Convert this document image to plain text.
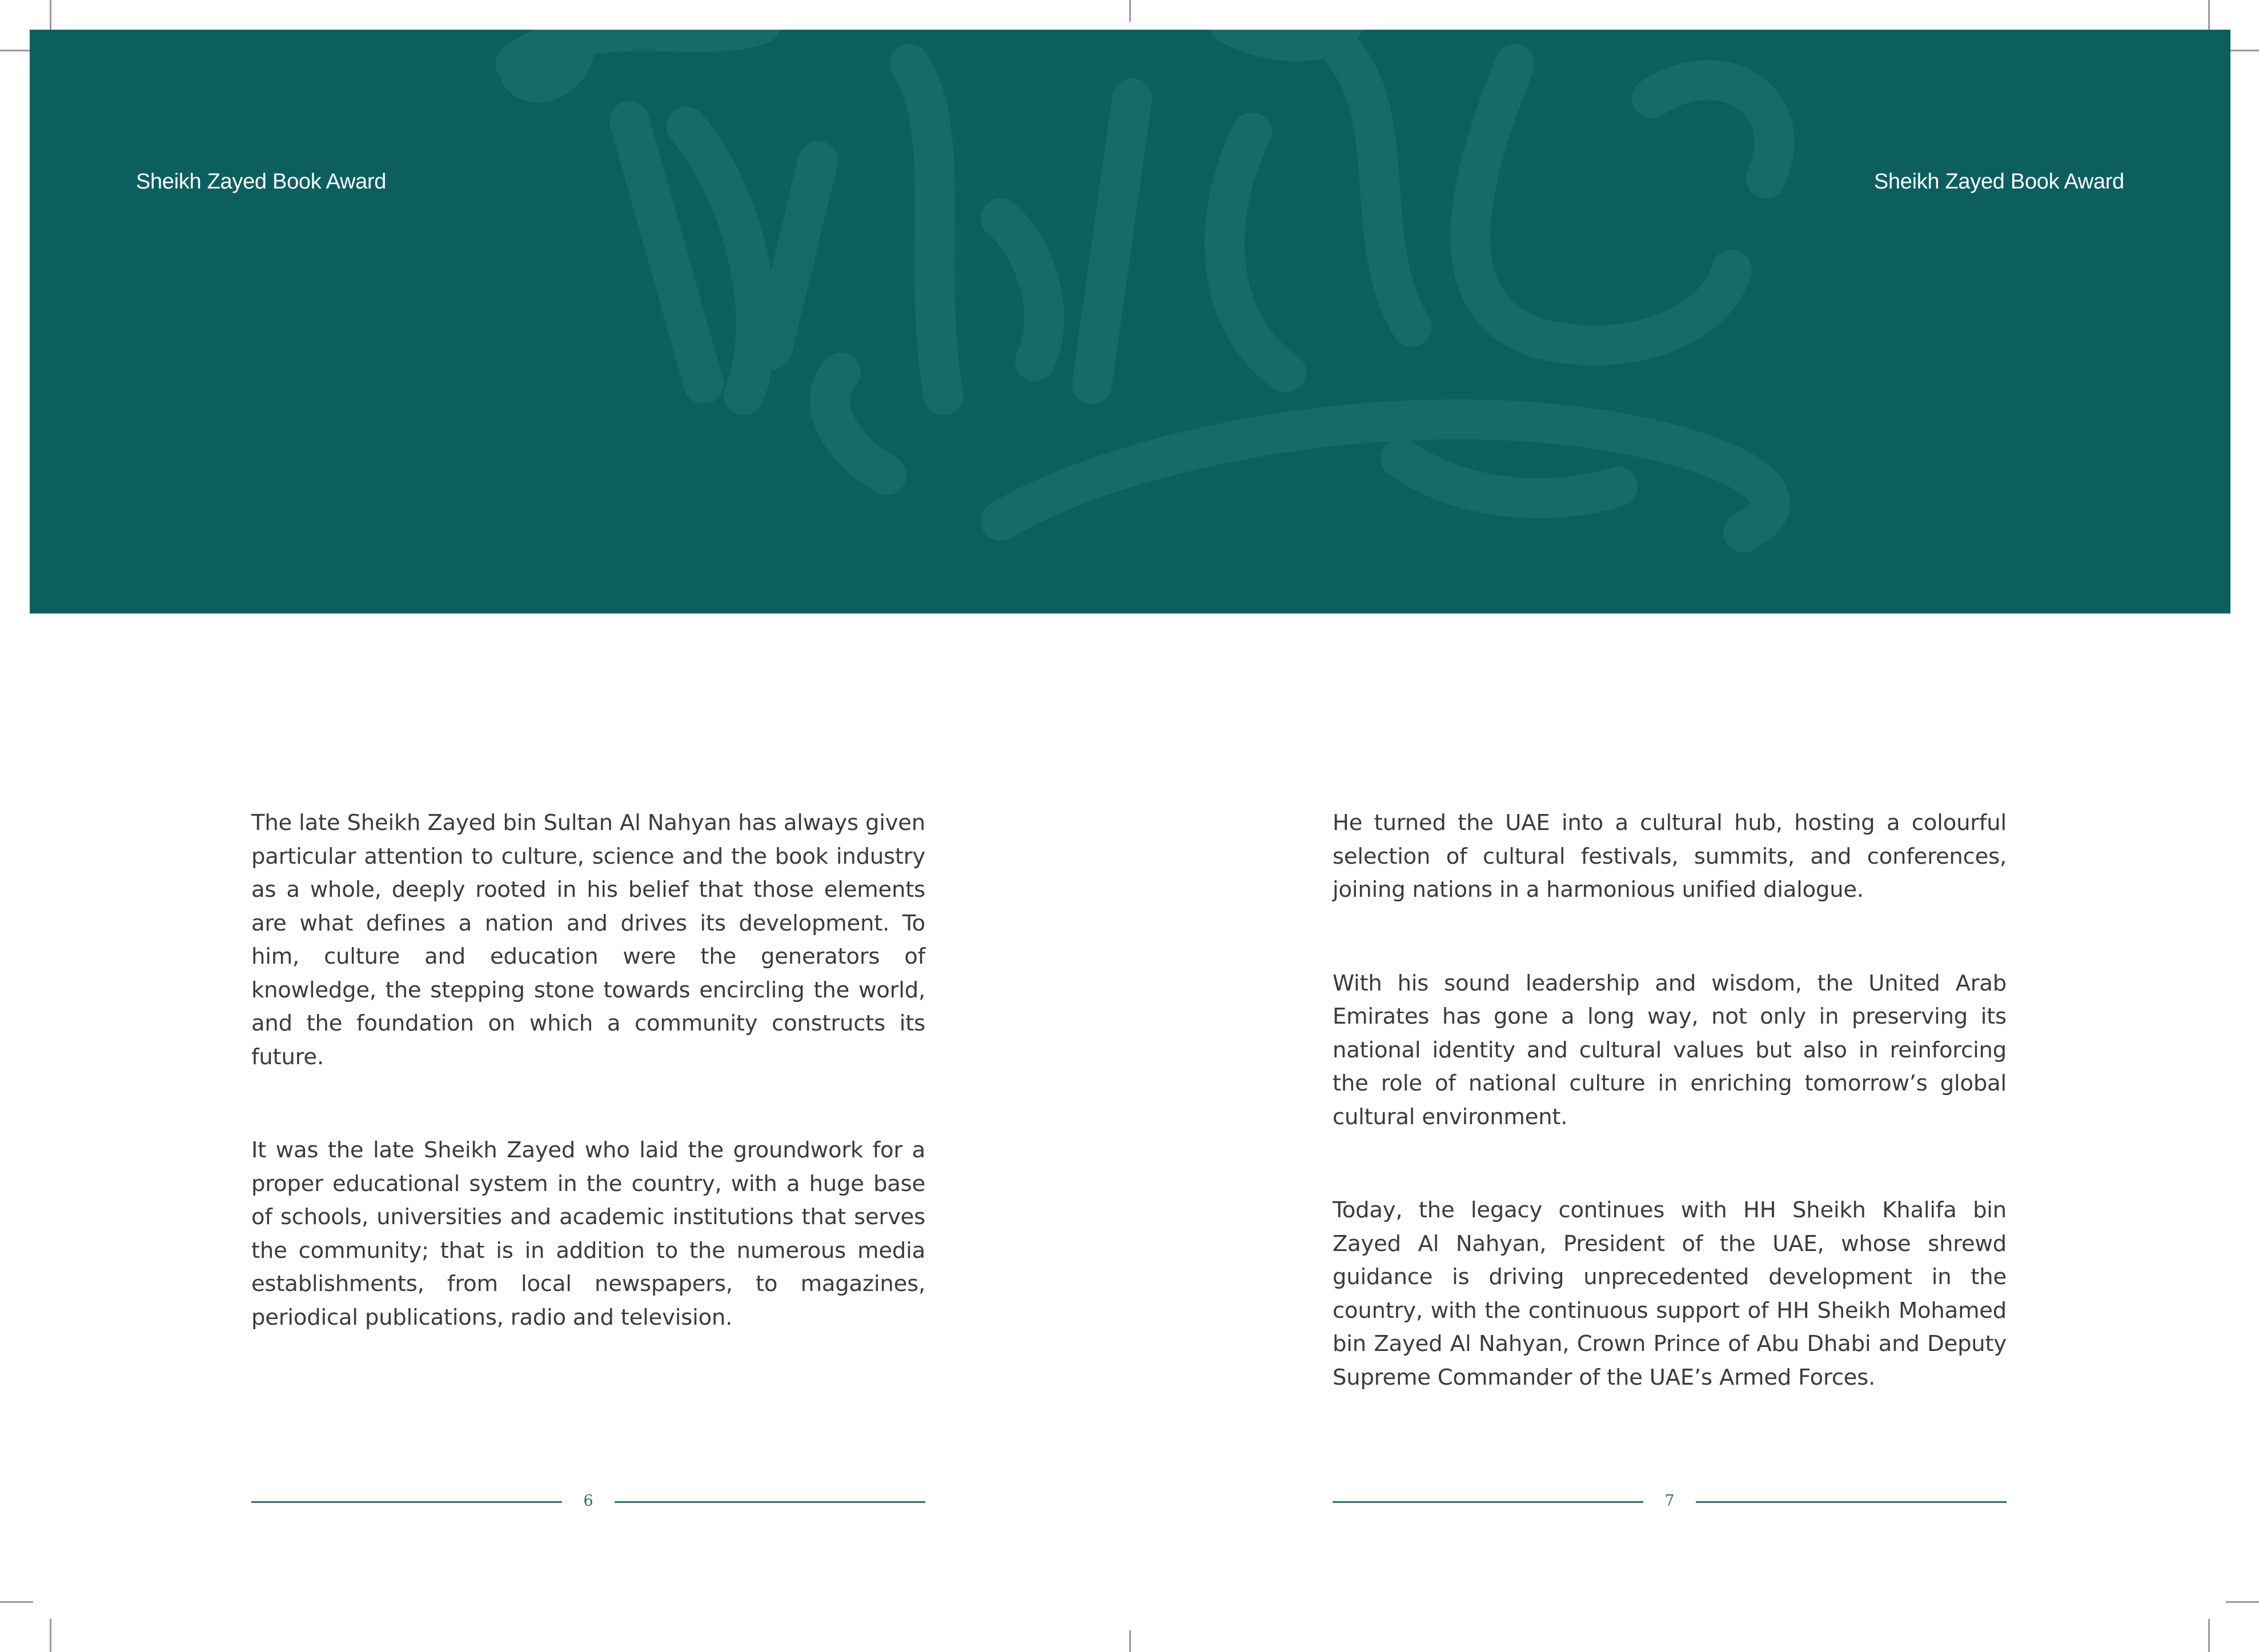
Sheikh Zayed Book Award	Sheikh Zayed Book Award

The late Sheikh Zayed bin Sultan Al Nahyan has always given particular attention to culture, science and the book industry as a whole, deeply rooted in his belief that those elements are what defines a nation and drives its development. To him, culture and education were the generators of knowledge, the stepping stone towards encircling the world, and the foundation on which a community constructs its future.

It was the late Sheikh Zayed who laid the groundwork for a proper educational system in the country, with a huge base of schools, universities and academic institutions that serves the community; that is in addition to the numerous media establishments, from local newspapers, to magazines, periodical publications, radio and television.

He turned the UAE into a cultural hub, hosting a colourful selection of cultural festivals, summits, and conferences, joining nations in a harmonious unified dialogue.

With his sound leadership and wisdom, the United Arab Emirates has gone a long way, not only in preserving its national identity and cultural values but also in reinforcing the role of national culture in enriching tomorrow’s global cultural environment.

Today, the legacy continues with HH Sheikh Khalifa bin Zayed Al Nahyan, President of the UAE, whose shrewd guidance is driving unprecedented development in the country, with the continuous support of HH Sheikh Mohamed bin Zayed Al Nahyan, Crown Prince of Abu Dhabi and Deputy Supreme Commander of the UAE’s Armed Forces.

6	7
